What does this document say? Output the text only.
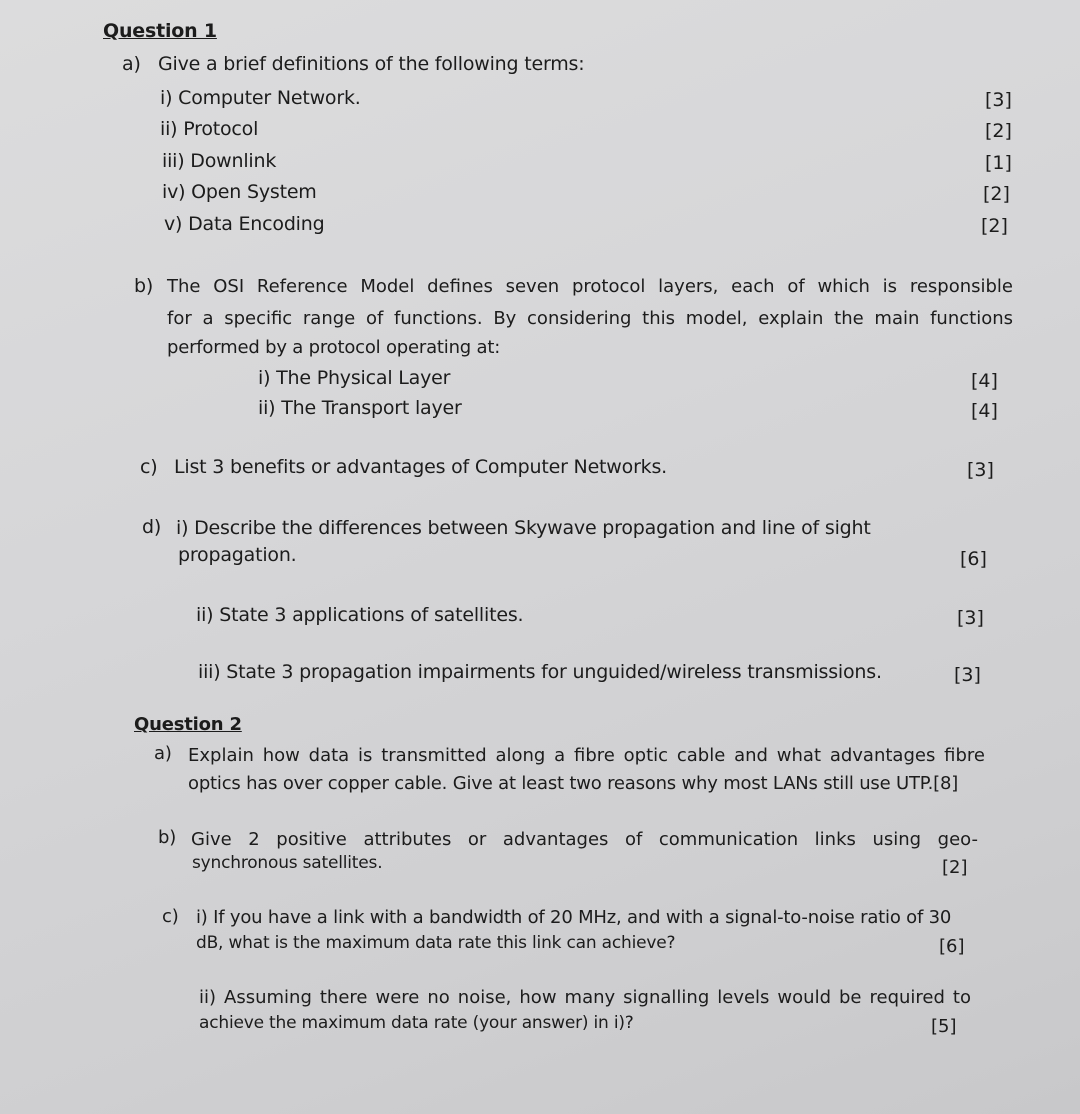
Question 1
a) Give a brief definitions of the following terms:
i) Computer Network.	[3]
ii) Protocol	[2]
iii) Downlink	[1]
iv) Open System	[2]
v) Data Encoding	[2]
b) The OSI Reference Model defines seven protocol layers, each of which is responsible
for a specific range of functions. By considering this model, explain the main functions
performed by a protocol operating at:
i) The Physical Layer	[4]
ii) The Transport layer	[4]
c) List 3 benefits or advantages of Computer Networks.	[3]
d) i) Describe the differences between Skywave propagation and line of sight
propagation.	[6]
ii) State 3 applications of satellites.	[3]
iii) State 3 propagation impairments for unguided/wireless transmissions.	[3]
Question 2
a) Explain how data is transmitted along a fibre optic cable and what advantages fibre
optics has over copper cable. Give at least two reasons why most LANs still use UTP.[8]
b) Give 2 positive attributes or advantages of communication links using geo-
synchronous satellites.	[2]
c) i) If you have a link with a bandwidth of 20 MHz, and with a signal-to-noise ratio of 30
dB, what is the maximum data rate this link can achieve?	[6]
ii) Assuming there were no noise, how many signalling levels would be required to
achieve the maximum data rate (your answer) in i)?	[5]
